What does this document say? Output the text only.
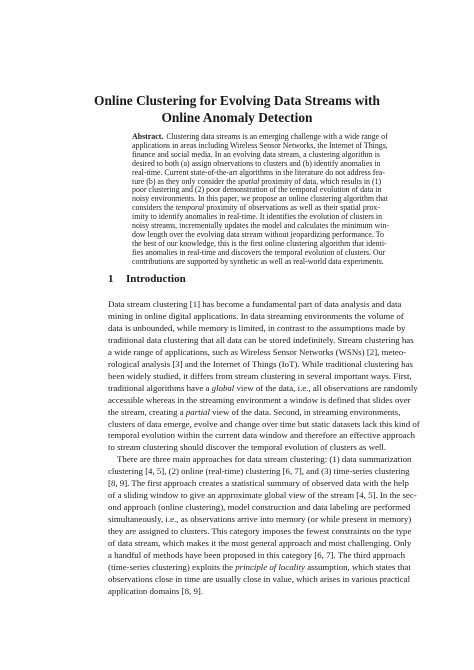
Online Clustering for Evolving Data Streams with
Online Anomaly Detection
Abstract. Clustering data streams is an emerging challenge with a wide range of
applications in areas including Wireless Sensor Networks, the Internet of Things,
finance and social media. In an evolving data stream, a clustering algorithm is
desired to both (a) assign observations to clusters and (b) identify anomalies in
real-time. Current state-of-the-art algorithms in the literature do not address fea-
ture (b) as they only consider the spatial proximity of data, which results in (1)
poor clustering and (2) poor demonstration of the temporal evolution of data in
noisy environments. In this paper, we propose an online clustering algorithm that
considers the temporal proximity of observations as well as their spatial prox-
imity to identify anomalies in real-time. It identifies the evolution of clusters in
noisy streams, incrementally updates the model and calculates the minimum win-
dow length over the evolving data stream without jeopardizing performance. To
the best of our knowledge, this is the first online clustering algorithm that identi-
fies anomalies in real-time and discovers the temporal evolution of clusters. Our
contributions are supported by synthetic as well as real-world data experiments.
1 Introduction
Data stream clustering [1] has become a fundamental part of data analysis and data
mining in online digital applications. In data streaming environments the volume of
data is unbounded, while memory is limited, in contrast to the assumptions made by
traditional data clustering that all data can be stored indefinitely. Stream clustering has
a wide range of applications, such as Wireless Sensor Networks (WSNs) [2], meteo-
rological analysis [3] and the Internet of Things (IoT). While traditional clustering has
been widely studied, it differs from stream clustering in several important ways. First,
traditional algorithms have a global view of the data, i.e., all observations are randomly
accessible whereas in the streaming environment a window is defined that slides over
the stream, creating a partial view of the data. Second, in streaming environments,
clusters of data emerge, evolve and change over time but static datasets lack this kind of
temporal evolution within the current data window and therefore an effective approach
to stream clustering should discover the temporal evolution of clusters as well.
There are three main approaches for data stream clustering: (1) data summarization
clustering [4, 5], (2) online (real-time) clustering [6, 7], and (3) time-series clustering
[8, 9]. The first approach creates a statistical summary of observed data with the help
of a sliding window to give an approximate global view of the stream [4, 5]. In the sec-
ond approach (online clustering), model construction and data labeling are performed
simultaneously, i.e., as observations arrive into memory (or while present in memory)
they are assigned to clusters. This category imposes the fewest constraints on the type
of data stream, which makes it the most general approach and most challenging. Only
a handful of methods have been proposed in this category [6, 7]. The third approach
(time-series clustering) exploits the principle of locality assumption, which states that
observations close in time are usually close in value, which arises in various practical
application domains [8, 9].
